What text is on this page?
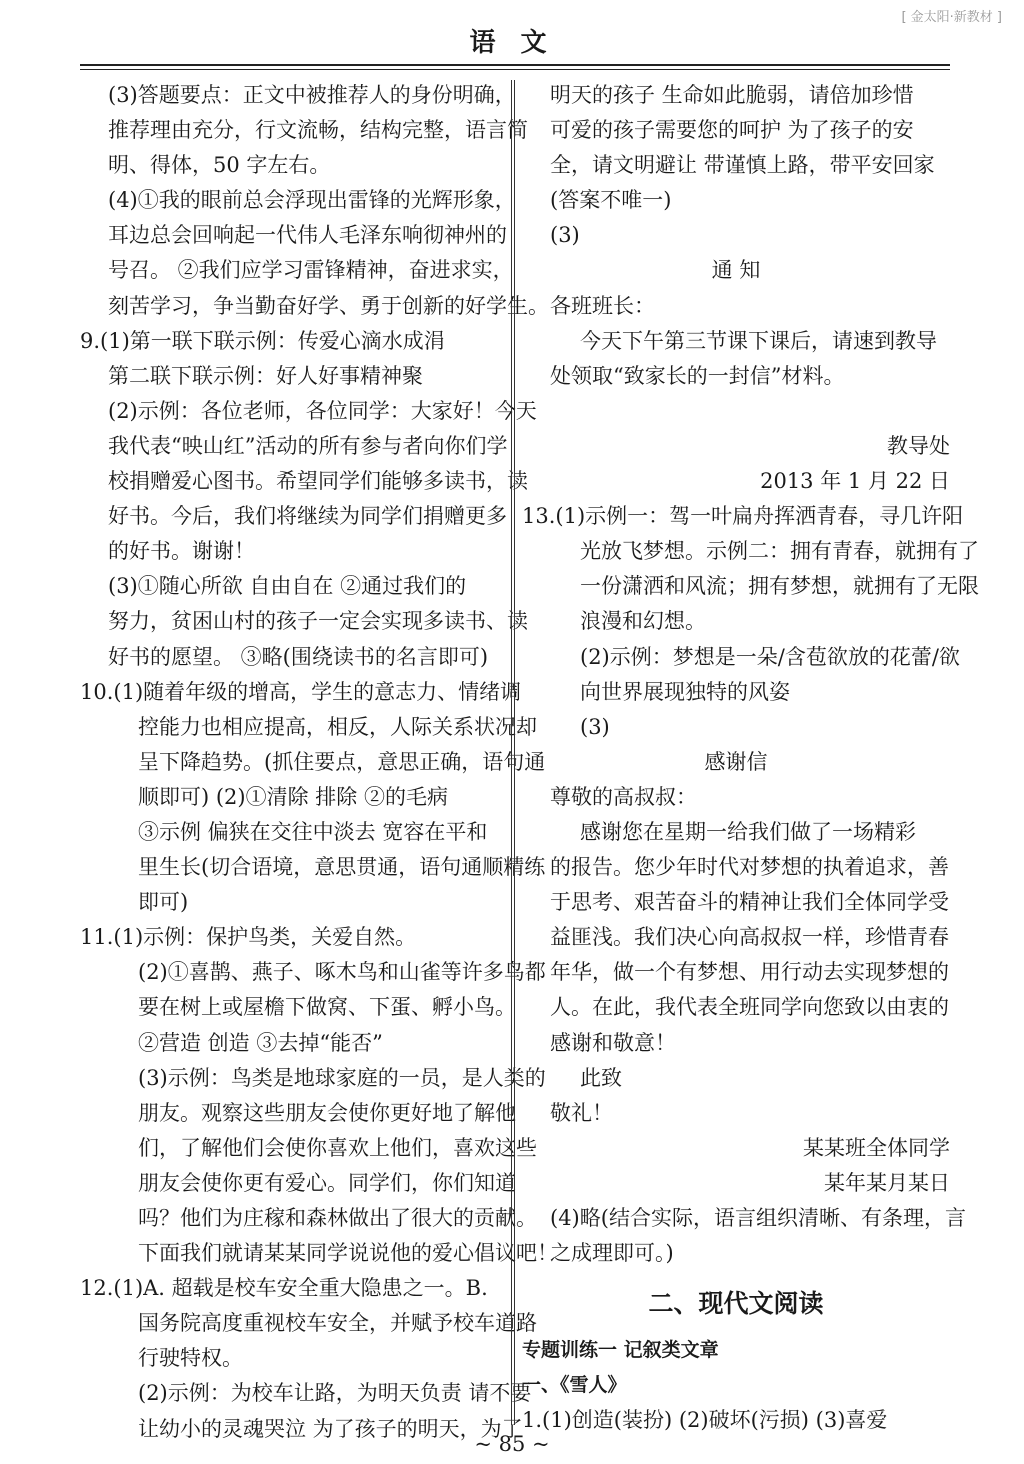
[ 金太阳·新教材 ]
语 文
(3)答题要点：正文中被推荐人的身份明确，
推荐理由充分，行文流畅，结构完整，语言简
明、得体，50 字左右。
(4)①我的眼前总会浮现出雷锋的光辉形象，
耳边总会回响起一代伟人毛泽东响彻神州的
号召。 ②我们应学习雷锋精神，奋进求实，
刻苦学习，争当勤奋好学、勇于创新的好学生。
9.(1)第一联下联示例：传爱心滴水成涓
第二联下联示例：好人好事精神聚
(2)示例：各位老师，各位同学：大家好！今天
我代表“映山红”活动的所有参与者向你们学
校捐赠爱心图书。希望同学们能够多读书，读
好书。今后，我们将继续为同学们捐赠更多
的好书。谢谢！
(3)①随心所欲 自由自在 ②通过我们的
努力，贫困山村的孩子一定会实现多读书、读
好书的愿望。 ③略(围绕读书的名言即可)
10.(1)随着年级的增高，学生的意志力、情绪调
控能力也相应提高，相反，人际关系状况却
呈下降趋势。(抓住要点，意思正确，语句通
顺即可) (2)①清除 排除 ②的毛病
③示例 偏狭在交往中淡去 宽容在平和
里生长(切合语境，意思贯通，语句通顺精练
即可)
11.(1)示例：保护鸟类，关爱自然。
(2)①喜鹊、燕子、啄木鸟和山雀等许多鸟都
要在树上或屋檐下做窝、下蛋、孵小鸟。
②营造 创造 ③去掉“能否”
(3)示例：鸟类是地球家庭的一员，是人类的
朋友。观察这些朋友会使你更好地了解他
们，了解他们会使你喜欢上他们，喜欢这些
朋友会使你更有爱心。同学们，你们知道
吗？他们为庄稼和森林做出了很大的贡献。
下面我们就请某某同学说说他的爱心倡议吧！
12.(1)A. 超载是校车安全重大隐患之一。B.
国务院高度重视校车安全，并赋予校车道路
行驶特权。
(2)示例：为校车让路，为明天负责 请不要
让幼小的灵魂哭泣 为了孩子的明天，为了
明天的孩子 生命如此脆弱，请倍加珍惜
可爱的孩子需要您的呵护 为了孩子的安
全，请文明避让 带谨慎上路，带平安回家
(答案不唯一)
(3)
通 知
各班班长：
今天下午第三节课下课后，请速到教导
处领取“致家长的一封信”材料。
教导处
2013 年 1 月 22 日
13.(1)示例一：驾一叶扁舟挥洒青春，寻几许阳
光放飞梦想。示例二：拥有青春，就拥有了
一份潇洒和风流；拥有梦想，就拥有了无限
浪漫和幻想。
(2)示例：梦想是一朵/含苞欲放的花蕾/欲
向世界展现独特的风姿
(3)
感谢信
尊敬的高叔叔：
感谢您在星期一给我们做了一场精彩
的报告。您少年时代对梦想的执着追求，善
于思考、艰苦奋斗的精神让我们全体同学受
益匪浅。我们决心向高叔叔一样，珍惜青春
年华，做一个有梦想、用行动去实现梦想的
人。在此，我代表全班同学向您致以由衷的
感谢和敬意！
此致
敬礼！
某某班全体同学
某年某月某日
(4)略(结合实际，语言组织清晰、有条理，言
之成理即可。)
二、现代文阅读
专题训练一 记叙类文章
一、《雪人》
1.(1)创造(装扮) (2)破坏(污损) (3)喜爱
~ 85 ~
